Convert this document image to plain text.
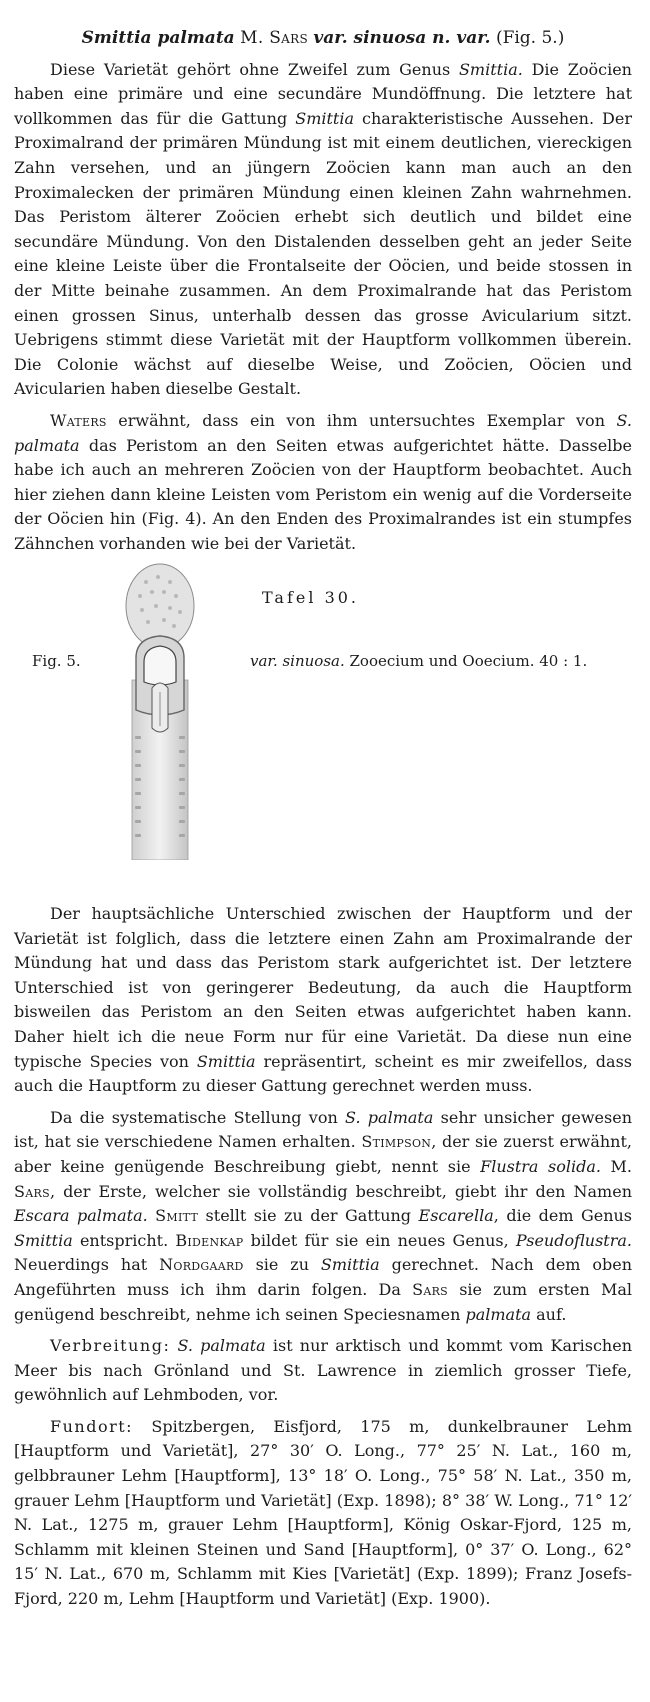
Smittia palmata M. Sars var. sinuosa n. var. (Fig. 5.)

Diese Varietät gehört ohne Zweifel zum Genus Smittia. Die Zoöcien haben eine primäre und eine secundäre Mundöffnung. Die letztere hat vollkommen das für die Gattung Smittia charakteristische Aussehen. Der Proximalrand der primären Mündung ist mit einem deutlichen, viereckigen Zahn versehen, und an jüngern Zoöcien kann man auch an den Proximalecken der primären Mündung einen kleinen Zahn wahrnehmen. Das Peristom älterer Zoöcien erhebt sich deutlich und bildet eine secundäre Mündung. Von den Distalenden desselben geht an jeder Seite eine kleine Leiste über die Frontalseite der Oöcien, und beide stossen in der Mitte beinahe zusammen. An dem Proximalrande hat das Peristom einen grossen Sinus, unterhalb dessen das grosse Avicularium sitzt. Uebrigens stimmt diese Varietät mit der Hauptform vollkommen überein. Die Colonie wächst auf dieselbe Weise, und Zoöcien, Oöcien und Avicularien haben dieselbe Gestalt.

Waters erwähnt, dass ein von ihm untersuchtes Exemplar von S. palmata das Peristom an den Seiten etwas aufgerichtet hätte. Dasselbe habe ich auch an mehreren Zoöcien von der Hauptform beobachtet. Auch hier ziehen dann kleine Leisten vom Peristom ein wenig auf die Vorderseite der Oöcien hin (Fig. 4). An den Enden des Proximalrandes ist ein stumpfes Zähnchen vorhanden wie bei der Varietät.

Tafel 30.
Fig. 5.	var. sinuosa. Zooecium und Ooecium. 40 : 1.

Der hauptsächliche Unterschied zwischen der Hauptform und der Varietät ist folglich, dass die letztere einen Zahn am Proximalrande der Mündung hat und dass das Peristom stark aufgerichtet ist. Der letztere Unterschied ist von geringerer Bedeutung, da auch die Hauptform bisweilen das Peristom an den Seiten etwas aufgerichtet haben kann. Daher hielt ich die neue Form nur für eine Varietät. Da diese nun eine typische Species von Smittia repräsentirt, scheint es mir zweifellos, dass auch die Hauptform zu dieser Gattung gerechnet werden muss.

Da die systematische Stellung von S. palmata sehr unsicher gewesen ist, hat sie verschiedene Namen erhalten. Stimpson, der sie zuerst erwähnt, aber keine genügende Beschreibung giebt, nennt sie Flustra solida. M. Sars, der Erste, welcher sie vollständig beschreibt, giebt ihr den Namen Escara palmata. Smitt stellt sie zu der Gattung Escarella, die dem Genus Smittia entspricht. Bidenkap bildet für sie ein neues Genus, Pseudoflustra. Neuerdings hat Nordgaard sie zu Smittia gerechnet. Nach dem oben Angeführten muss ich ihm darin folgen. Da Sars sie zum ersten Mal genügend beschreibt, nehme ich seinen Speciesnamen palmata auf.

Verbreitung: S. palmata ist nur arktisch und kommt vom Karischen Meer bis nach Grönland und St. Lawrence in ziemlich grosser Tiefe, gewöhnlich auf Lehmboden, vor.

Fundort: Spitzbergen, Eisfjord, 175 m, dunkelbrauner Lehm [Hauptform und Varietät], 27° 30′ O. Long., 77° 25′ N. Lat., 160 m, gelbbrauner Lehm [Hauptform], 13° 18′ O. Long., 75° 58′ N. Lat., 350 m, grauer Lehm [Hauptform und Varietät] (Exp. 1898); 8° 38′ W. Long., 71° 12′ N. Lat., 1275 m, grauer Lehm [Hauptform], König Oskar-Fjord, 125 m, Schlamm mit kleinen Steinen und Sand [Hauptform], 0° 37′ O. Long., 62° 15′ N. Lat., 670 m, Schlamm mit Kies [Varietät] (Exp. 1899); Franz Josefs-Fjord, 220 m, Lehm [Hauptform und Varietät] (Exp. 1900).
